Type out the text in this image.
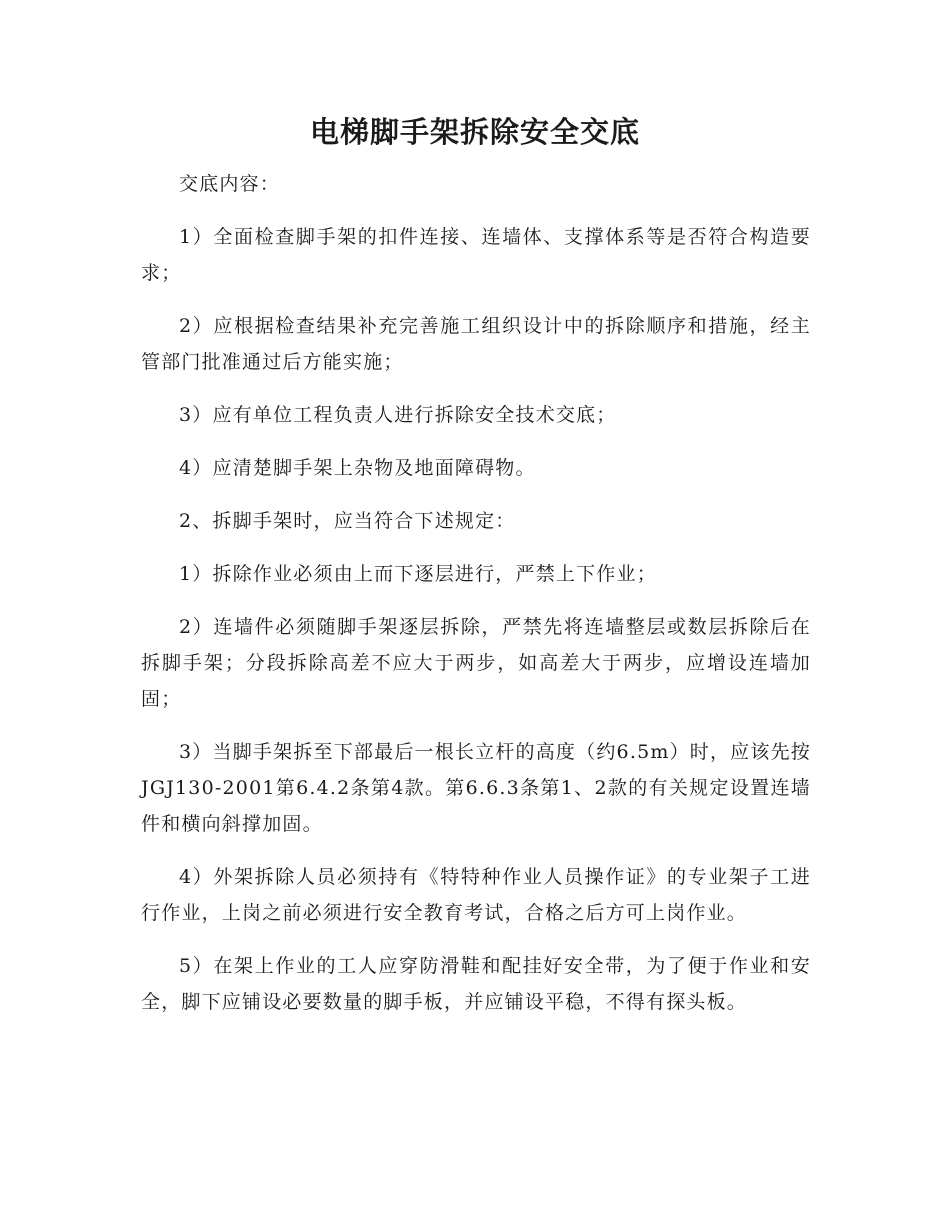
电梯脚手架拆除安全交底

交底内容：

1）全面检查脚手架的扣件连接、连墙体、支撑体系等是否符合构造要求；

2）应根据检查结果补充完善施工组织设计中的拆除顺序和措施，经主管部门批准通过后方能实施；

3）应有单位工程负责人进行拆除安全技术交底；

4）应清楚脚手架上杂物及地面障碍物。

2、拆脚手架时，应当符合下述规定：

1）拆除作业必须由上而下逐层进行，严禁上下作业；

2）连墙件必须随脚手架逐层拆除，严禁先将连墙整层或数层拆除后在拆脚手架；分段拆除高差不应大于两步，如高差大于两步，应增设连墙加固；

3）当脚手架拆至下部最后一根长立杆的高度（约6.5m）时，应该先按JGJ130-2001第6.4.2条第4款。第6.6.3条第1、2款的有关规定设置连墙件和横向斜撑加固。

4）外架拆除人员必须持有《特特种作业人员操作证》的专业架子工进行作业，上岗之前必须进行安全教育考试，合格之后方可上岗作业。

5）在架上作业的工人应穿防滑鞋和配挂好安全带，为了便于作业和安全，脚下应铺设必要数量的脚手板，并应铺设平稳，不得有探头板。
